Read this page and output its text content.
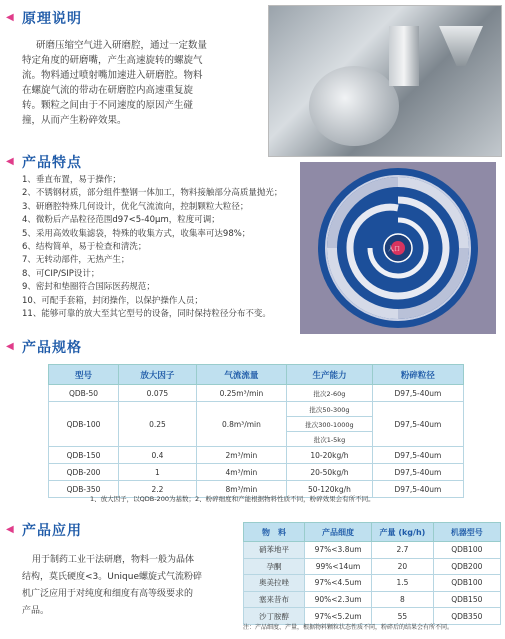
◀ 原理说明
研磨压缩空气进入研磨腔，通过一定数量
特定角度的研磨嘴，产生高速旋转的螺旋气
流。物料通过喷射嘴加速进入研磨腔。物料
在螺旋气流的带动在研磨腔内高速重复旋
转。颗粒之间由于不同速度的原因产生碰
撞，从而产生粉碎效果。
◀ 产品特点
1、垂直布置，易于操作；
2、不锈钢材质，部分组件整钢一体加工，物料接触部分高质量抛光；
3、研磨腔特殊几何设计，优化气流流向，控制颗粒大粒径；
4、微粉后产品粒径范围d97<5-40μm，粒度可调；
5、采用高效收集滤袋，特殊的收集方式，收集率可达98%；
6、结构简单，易于检查和清洗；
7、无转动部件，无热产生；
8、可CIP/SIP设计；
9、密封和垫圈符合国际医药规范；
10、可配手套箱，封闭操作，以保护操作人员；
11、能够可靠的放大至其它型号的设备，同时保持粒径分布不变。
入口
◀ 产品规格
型号	放大因子	气流流量	生产能力	粉碎粒径
QDB-50	0.075	0.25m³/min	批次2-60g	D97,5-40um
QDB-100	0.25	0.8m³/min	批次50-300g	D97,5-40um
			批次300-1000g	
			批次1-5kg	
QDB-150	0.4	2m³/min	10-20kg/h	D97,5-40um
QDB-200	1	4m³/min	20-50kg/h	D97,5-40um
QDB-350	2.2	8m³/min	50-120kg/h	D97,5-40um
1、放大因子，以QDB-200为基数；2、粉碎细度和产能根据物料性质不同，粉碎效果会有所不同。
◀ 产品应用
用于制药工业干法研磨，物料一般为晶体
结构，莫氏硬度<3。Unique螺旋式气流粉碎
机广泛应用于对纯度和细度有高等级要求的
产品。
物　料	产品细度	产量 (kg/h)	机器型号
硝苯地平	97%<3.8um	2.7	QDB100
孕酮	99%<14um	20	QDB200
奥美拉唑	97%<4.5um	1.5	QDB100
塞来昔布	90%<2.3um	8	QDB150
沙丁胺醇	97%<5.2um	55	QDB350
注：产品细度、产量，根据物料颗粒状态性质不同，粉碎后的结果会有所不同。
